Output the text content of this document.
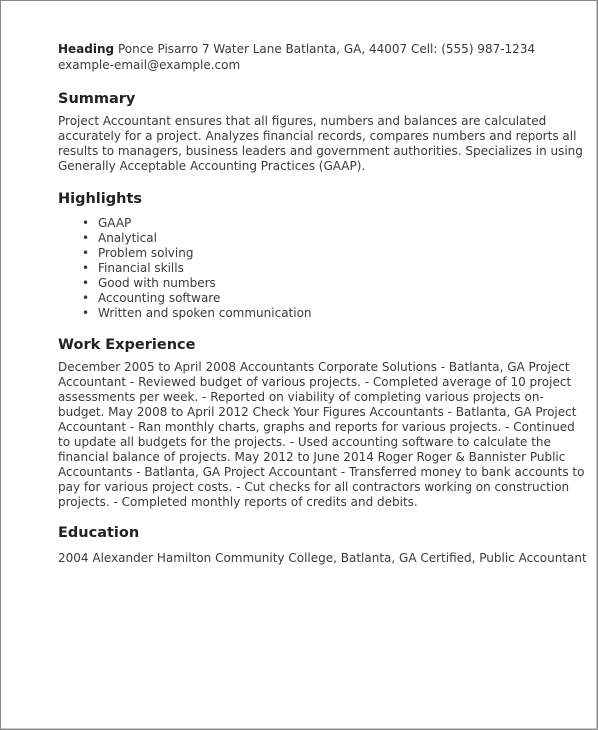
Heading Ponce Pisarro 7 Water Lane Batlanta, GA, 44007 Cell: (555) 987-1234 example-email@example.com

Summary

Project Accountant ensures that all figures, numbers and balances are calculated accurately for a project. Analyzes financial records, compares numbers and reports all results to managers, business leaders and government authorities. Specializes in using Generally Acceptable Accounting Practices (GAAP).

Highlights
• GAAP
• Analytical
• Problem solving
• Financial skills
• Good with numbers
• Accounting software
• Written and spoken communication
Work Experience

December 2005 to April 2008 Accountants Corporate Solutions - Batlanta, GA Project Accountant - Reviewed budget of various projects. - Completed average of 10 project assessments per week. - Reported on viability of completing various projects on-budget. May 2008 to April 2012 Check Your Figures Accountants - Batlanta, GA Project Accountant - Ran monthly charts, graphs and reports for various projects. - Continued to update all budgets for the projects. - Used accounting software to calculate the financial balance of projects. May 2012 to June 2014 Roger Roger & Bannister Public Accountants - Batlanta, GA Project Accountant - Transferred money to bank accounts to pay for various project costs. - Cut checks for all contractors working on construction projects. - Completed monthly reports of credits and debits.

Education

2004 Alexander Hamilton Community College, Batlanta, GA Certified, Public Accountant
